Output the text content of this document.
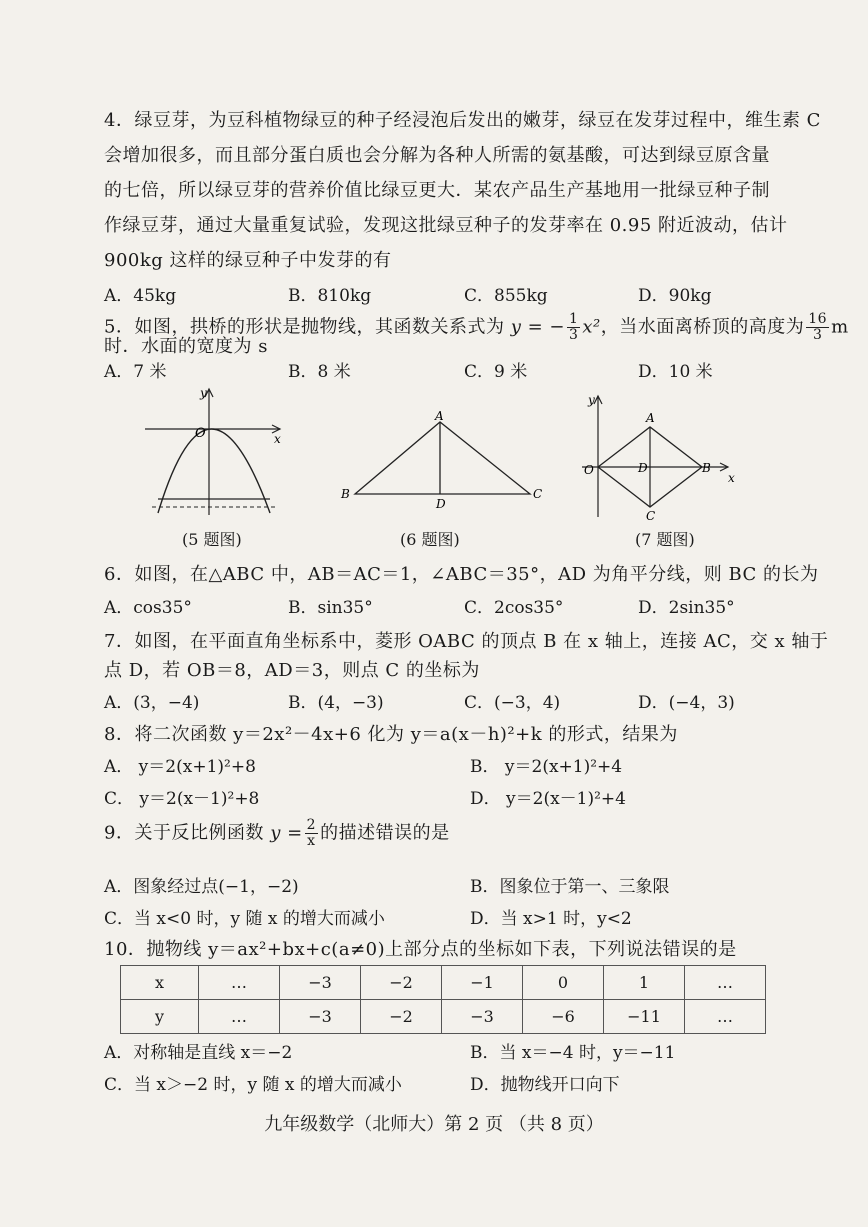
4．绿豆芽，为豆科植物绿豆的种子经浸泡后发出的嫩芽，绿豆在发芽过程中，维生素 C
会增加很多，而且部分蛋白质也会分解为各种人所需的氨基酸，可达到绿豆原含量
的七倍，所以绿豆芽的营养价值比绿豆更大．某农产品生产基地用一批绿豆种子制
作绿豆芽，通过大量重复试验，发现这批绿豆种子的发芽率在 0.95 附近波动，估计
900kg 这样的绿豆种子中发芽的有
A．45kg	B．810kg	C．855kg	D．90kg
5．如图，拱桥的形状是抛物线，其函数关系式为 y = − $\frac{1}{3} x^2$，当水面离桥顶的高度为 $\frac{16}{3}$ m
时．水面的宽度为 s
A．7 米	B．8 米	C．9 米	D．10 米
y
x
O
(5 题图)
A
B	C
D
(6 题图)
y
x
O
A
B
C
D
(7 题图)
6．如图，在△ABC 中，AB＝AC＝1，∠ABC＝35°，AD 为角平分线，则 BC 的长为
A．cos35°	B．sin35°	C．2cos35°	D．2sin35°
7．如图，在平面直角坐标系中，菱形 OABC 的顶点 B 在 x 轴上，连接 AC，交 x 轴于
点 D，若 OB＝8，AD＝3，则点 C 的坐标为
A．(3，−4)	B．(4，−3)	C．(−3，4)	D．(−4，3)
8．将二次函数 y＝2x²－4x+6 化为 y＝a(x－h)²+k 的形式，结果为
A． y＝2(x+1)²+8	B． y＝2(x+1)²+4
C． y＝2(x－1)²+8	D． y＝2(x－1)²+4
9．关于反比例函数 $y = \frac{2}{x}$ 的描述错误的是
A．图象经过点(−1，−2)	B．图象位于第一、三象限
C．当 x<0 时，y 随 x 的增大而减小	D．当 x>1 时，y<2
10．抛物线 y＝ax²+bx+c(a≠0)上部分点的坐标如下表，下列说法错误的是
x	…	−3	−2	−1	0	1	…
y	…	−3	−2	−3	−6	−11	…
A．对称轴是直线 x＝−2	B．当 x＝−4 时，y＝−11
C．当 x＞−2 时，y 随 x 的增大而减小	D．抛物线开口向下
九年级数学（北师大）第 2 页 （共 8 页）
